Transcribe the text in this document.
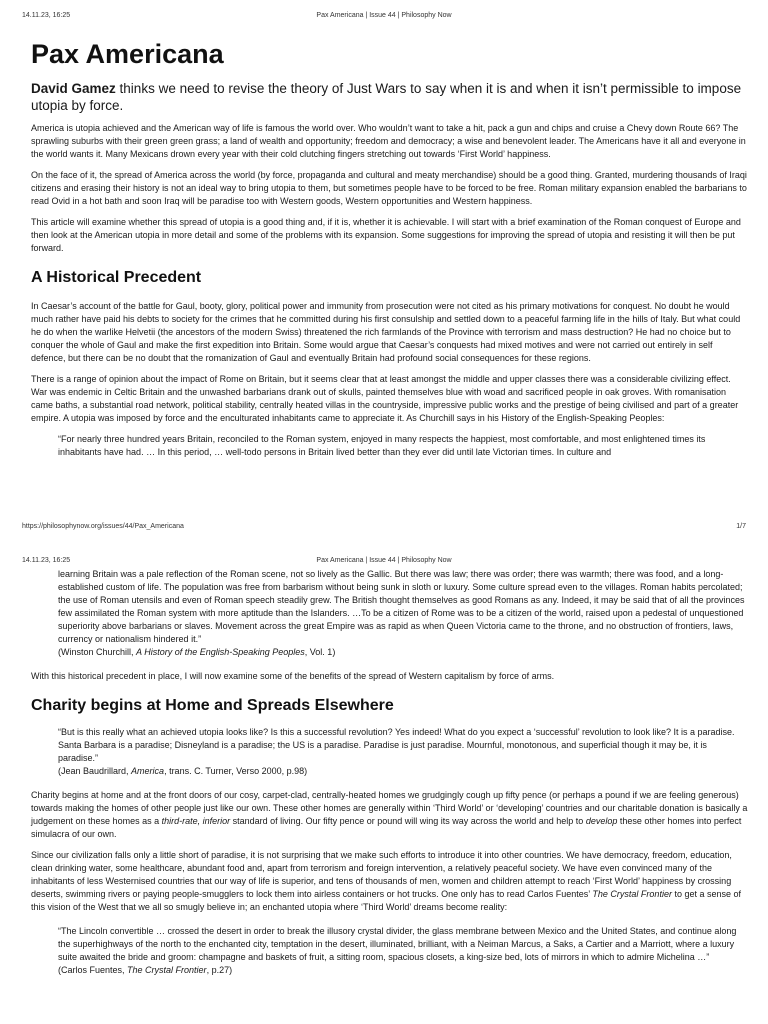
14.11.23, 16:25	Pax Americana | Issue 44 | Philosophy Now
Pax Americana

David Gamez thinks we need to revise the theory of Just Wars to say when it is and when it isn’t permissible to impose utopia by force.

America is utopia achieved and the American way of life is famous the world over. Who wouldn’t want to take a hit, pack a gun and chips and cruise a Chevy down Route 66? The sprawling suburbs with their green green grass; a land of wealth and opportunity; freedom and democracy; a wise and benevolent leader. The Americans have it all and everyone in the world wants it. Many Mexicans drown every year with their cold clutching fingers stretching out towards ‘First World’ happiness.

On the face of it, the spread of America across the world (by force, propaganda and cultural and meaty merchandise) should be a good thing. Granted, murdering thousands of Iraqi citizens and erasing their history is not an ideal way to bring utopia to them, but sometimes people have to be forced to be free. Roman military expansion enabled the barbarians to read Ovid in a hot bath and soon Iraq will be paradise too with Western goods, Western opportunities and Western happiness.

This article will examine whether this spread of utopia is a good thing and, if it is, whether it is achievable. I will start with a brief examination of the Roman conquest of Europe and then look at the American utopia in more detail and some of the problems with its expansion. Some suggestions for improving the spread of utopia and resisting it will then be put forward.

A Historical Precedent

In Caesar’s account of the battle for Gaul, booty, glory, political power and immunity from prosecution were not cited as his primary motivations for conquest. No doubt he would much rather have paid his debts to society for the crimes that he committed during his first consulship and settled down to a peaceful farming life in the hills of Italy. But what could he do when the warlike Helvetii (the ancestors of the modern Swiss) threatened the rich farmlands of the Province with terrorism and mass destruction? He had no choice but to conquer the whole of Gaul and make the first expedition into Britain. Some would argue that Caesar’s conquests had mixed motives and were not carried out entirely in self defence, but there can be no doubt that the romanization of Gaul and eventually Britain had profound social consequences for these regions.

There is a range of opinion about the impact of Rome on Britain, but it seems clear that at least amongst the middle and upper classes there was a considerable civilizing effect. War was endemic in Celtic Britain and the unwashed barbarians drank out of skulls, painted themselves blue with woad and sacrificed people in oak groves. With romanisation came baths, a substantial road network, political stability, centrally heated villas in the countryside, impressive public works and the prestige of being civilised and part of a greater empire. A utopia was imposed by force and the enculturated inhabitants came to appreciate it. As Churchill says in his History of the English-Speaking Peoples:

“For nearly three hundred years Britain, reconciled to the Roman system, enjoyed in many respects the happiest, most comfortable, and most enlightened times its inhabitants have had. … In this period, … well-todo persons in Britain lived better than they ever did until late Victorian times. In culture and

https://philosophynow.org/issues/44/Pax_Americana	1/7
14.11.23, 16:25	Pax Americana | Issue 44 | Philosophy Now

learning Britain was a pale reflection of the Roman scene, not so lively as the Gallic. But there was law; there was order; there was warmth; there was food, and a long-established custom of life. The population was free from barbarism without being sunk in sloth or luxury. Some culture spread even to the villages. Roman habits percolated; the use of Roman utensils and even of Roman speech steadily grew. The British thought themselves as good Romans as any. Indeed, it may be said that of all the provinces few assimilated the Roman system with more aptitude than the Islanders. …To be a citizen of Rome was to be a citizen of the world, raised upon a pedestal of unquestioned superiority above barbarians or slaves. Movement across the great Empire was as rapid as when Queen Victoria came to the throne, and no obstruction of frontiers, laws, currency or nationalism hindered it.”

(Winston Churchill, A History of the English-Speaking Peoples, Vol. 1)

With this historical precedent in place, I will now examine some of the benefits of the spread of Western capitalism by force of arms.

Charity begins at Home and Spreads Elsewhere

“But is this really what an achieved utopia looks like? Is this a successful revolution? Yes indeed! What do you expect a ‘successful’ revolution to look like? It is a paradise. Santa Barbara is a paradise; Disneyland is a paradise; the US is a paradise. Paradise is just paradise. Mournful, monotonous, and superficial though it may be, it is paradise.”

(Jean Baudrillard, America, trans. C. Turner, Verso 2000, p.98)

Charity begins at home and at the front doors of our cosy, carpet-clad, centrally-heated homes we grudgingly cough up fifty pence (or perhaps a pound if we are feeling generous) towards making the homes of other people just like our own. These other homes are generally within ‘Third World’ or ‘developing’ countries and our charitable donation is basically a judgement on these homes as a third-rate, inferior standard of living. Our fifty pence or pound will wing its way across the world and help to develop these other homes into perfect simulacra of our own.

Since our civilization falls only a little short of paradise, it is not surprising that we make such efforts to introduce it into other countries. We have democracy, freedom, education, clean drinking water, some healthcare, abundant food and, apart from terrorism and foreign intervention, a relatively peaceful society. We have even convinced many of the inhabitants of less Westernised countries that our way of life is superior, and tens of thousands of men, women and children attempt to reach ‘First World’ happiness by crossing deserts, swimming rivers or paying people-smugglers to lock them into airless containers or hot trucks. One only has to read Carlos Fuentes’ The Crystal Frontier to get a sense of this vision of the West that we all so smugly believe in; an enchanted utopia where ‘Third World’ dreams become reality:

“The Lincoln convertible … crossed the desert in order to break the illusory crystal divider, the glass membrane between Mexico and the United States, and continue along the superhighways of the north to the enchanted city, temptation in the desert, illuminated, brilliant, with a Neiman Marcus, a Saks, a Cartier and a Marriott, where a luxury suite awaited the bride and groom: champagne and baskets of fruit, a sitting room, spacious closets, a king-size bed, lots of mirrors in which to admire Michelina …”

(Carlos Fuentes, The Crystal Frontier, p.27)
